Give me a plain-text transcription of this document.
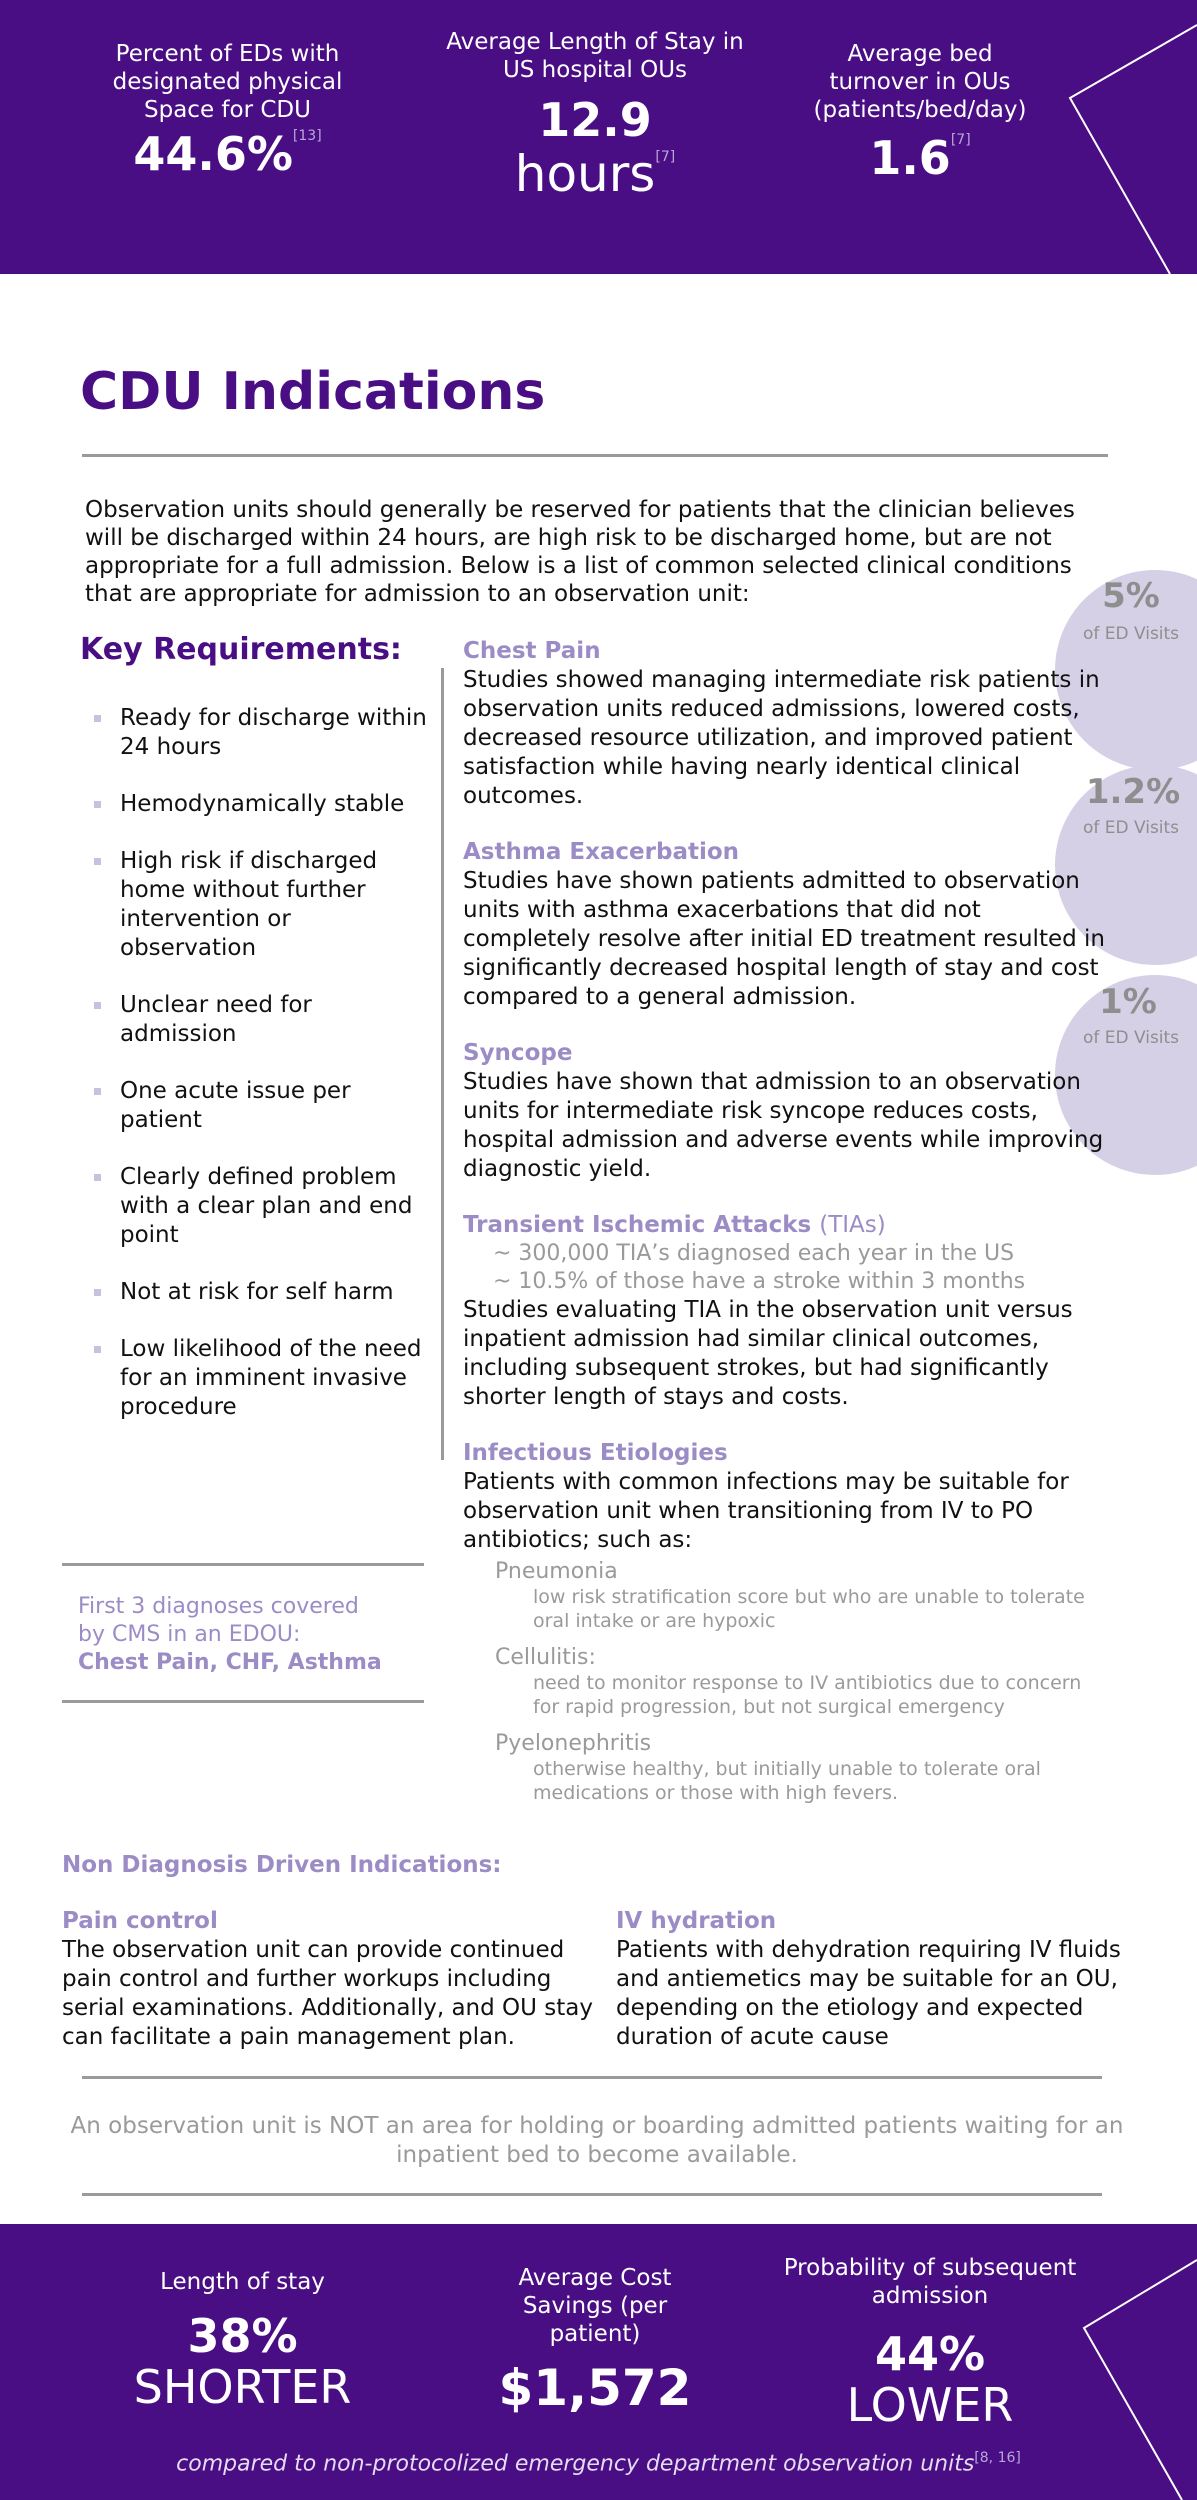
Percent of EDs with designated physical Space for CDU
44.6%[13]
Average Length of Stay in US hospital OUs
12.9
hours[7]
Average bed turnover in OUs (patients/bed/day)
1.6[7]
CDU Indications
Observation units should generally be reserved for patients that the clinician believes will be discharged within 24 hours, are high risk to be discharged home, but are not appropriate for a full admission. Below is a list of common selected clinical conditions that are appropriate for admission to an observation unit:	5%
of ED Visits
1.2%
of ED Visits
1%
of ED Visits
Key Requirements:
Ready for discharge within 24 hours
Hemodynamically stable
High risk if discharged home without further intervention or observation
Unclear need for admission
One acute issue per patient
Clearly defined problem with a clear plan and end point
Not at risk for self harm
Low likelihood of the need for an imminent invasive procedure
First 3 diagnoses covered
by CMS in an EDOU:
Chest Pain, CHF, Asthma
Chest Pain
Studies showed managing intermediate risk patients in observation units reduced admissions, lowered costs, decreased resource utilization, and improved patient satisfaction while having nearly identical clinical outcomes.
Asthma Exacerbation
Studies have shown patients admitted to observation units with asthma exacerbations that did not completely resolve after initial ED treatment resulted in significantly decreased hospital length of stay and cost compared to a general admission.
Syncope
Studies have shown that admission to an observation units for intermediate risk syncope reduces costs, hospital admission and adverse events while improving diagnostic yield.
Transient Ischemic Attacks (TIAs)
~ 300,000 TIA’s diagnosed each year in the US
~ 10.5% of those have a stroke within 3 months
Studies evaluating TIA in the observation unit versus inpatient admission had similar clinical outcomes, including subsequent strokes, but had significantly shorter length of stays and costs.
Infectious Etiologies
Patients with common infections may be suitable for observation unit when transitioning from IV to PO antibiotics; such as:
Pneumonia
low risk stratification score but who are unable to tolerate oral intake or are hypoxic
Cellulitis:
need to monitor response to IV antibiotics due to concern for rapid progression, but not surgical emergency
Pyelonephritis
otherwise healthy, but initially unable to tolerate oral medications or those with high fevers.
Non Diagnosis Driven Indications:
Pain control
The observation unit can provide continued pain control and further workups including serial examinations. Additionally, and OU stay can facilitate a pain management plan.
IV hydration
Patients with dehydration requiring IV fluids and antiemetics may be suitable for an OU, depending on the etiology and expected duration of acute cause
An observation unit is NOT an area for holding or boarding admitted patients waiting for an inpatient bed to become available.
Length of stay
38%
SHORTER
Average Cost Savings (per patient)
$1,572
Probability of subsequent admission
44%
LOWER
compared to non-protocolized emergency department observation units[8, 16]
